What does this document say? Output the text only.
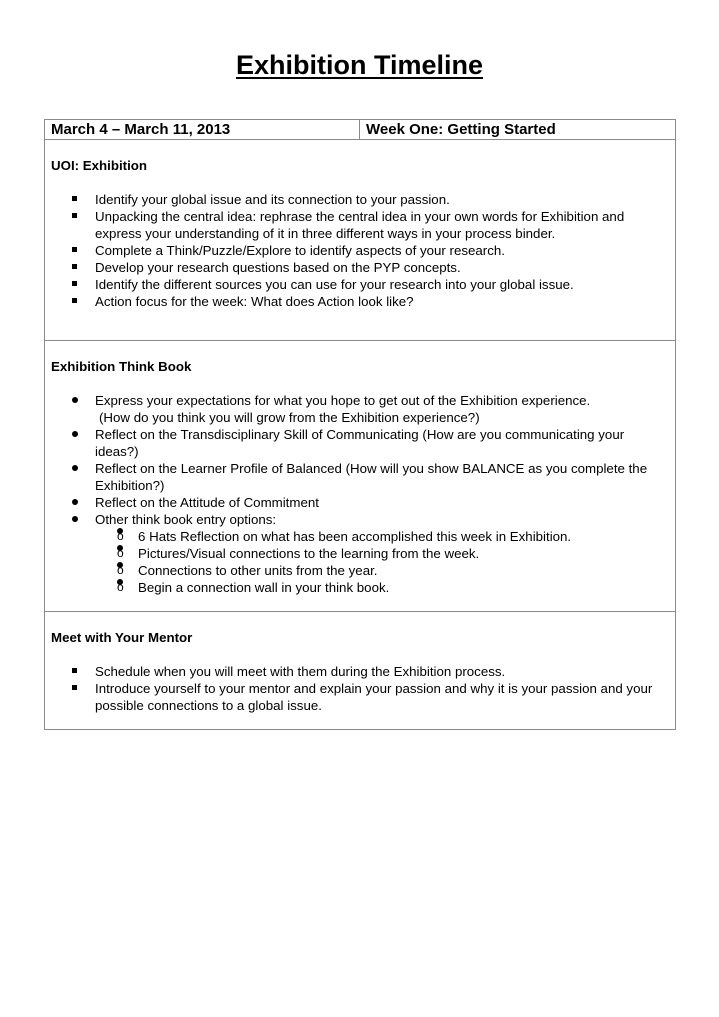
Exhibition Timeline
March 4 – March 11, 2013	Week One: Getting Started

UOI: Exhibition

Identify your global issue and its connection to your passion.
Unpacking the central idea: rephrase the central idea in your own words for Exhibition and express your understanding of it in three different ways in your process binder.
Complete a Think/Puzzle/Explore to identify aspects of your research.
Develop your research questions based on the PYP concepts.
Identify the different sources you can use for your research into your global issue.
Action focus for the week: What does Action look like?

Exhibition Think Book

Express your expectations for what you hope to get out of the Exhibition experience.
(How do you think you will grow from the Exhibition experience?)
Reflect on the Transdisciplinary Skill of Communicating (How are you communicating your ideas?)
Reflect on the Learner Profile of Balanced (How will you show BALANCE as you complete the Exhibition?)
Reflect on the Attitude of Commitment
Other think book entry options:
o 6 Hats Reflection on what has been accomplished this week in Exhibition.
o Pictures/Visual connections to the learning from the week.
o Connections to other units from the year.
o Begin a connection wall in your think book.

Meet with Your Mentor

Schedule when you will meet with them during the Exhibition process.
Introduce yourself to your mentor and explain your passion and why it is your passion and your possible connections to a global issue.
